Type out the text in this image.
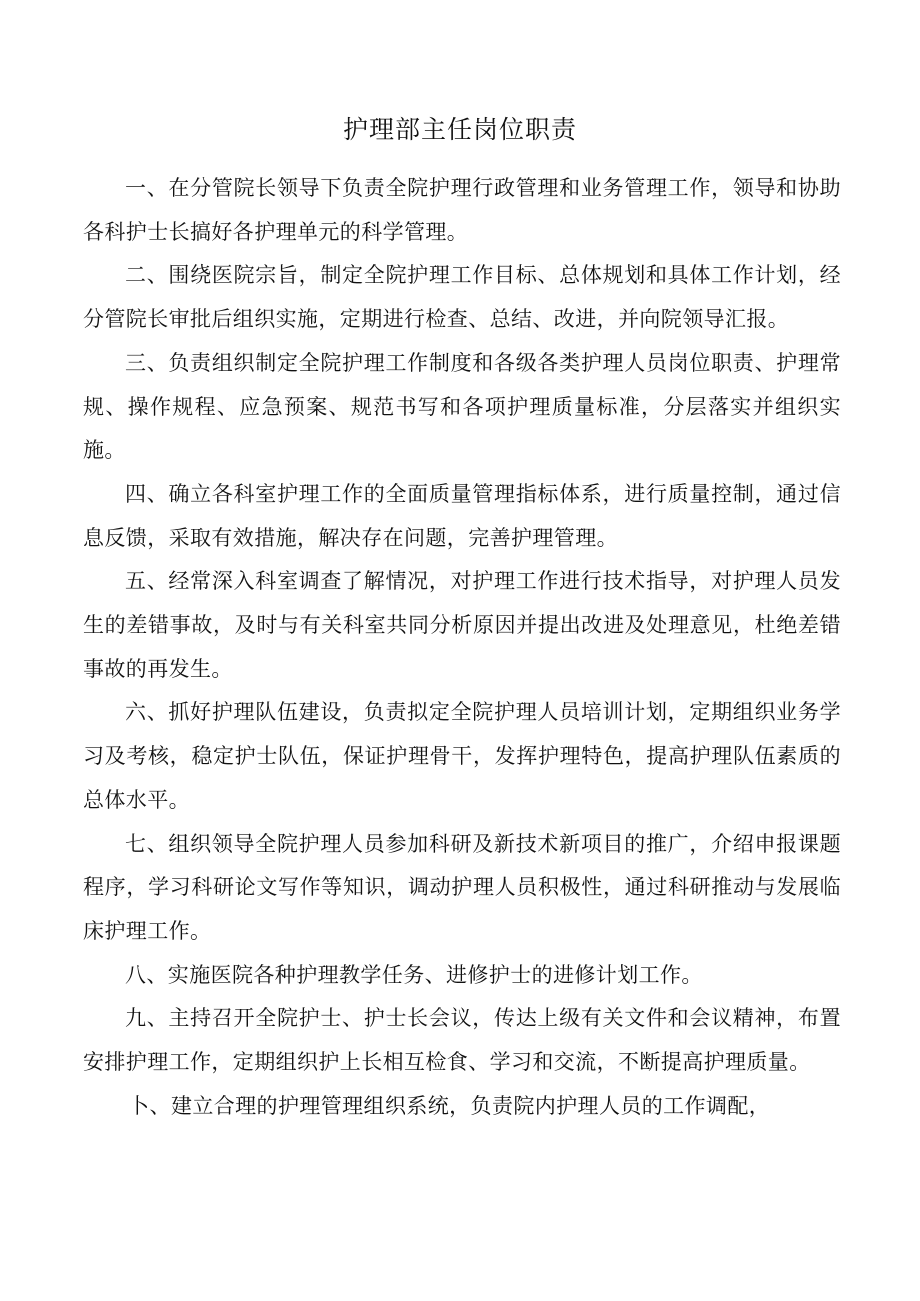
护理部主任岗位职责

一、在分管院长领导下负责全院护理行政管理和业务管理工作，领导和协助各科护士长搞好各护理单元的科学管理。

二、围绕医院宗旨，制定全院护理工作目标、总体规划和具体工作计划，经分管院长审批后组织实施，定期进行检查、总结、改进，并向院领导汇报。

三、负责组织制定全院护理工作制度和各级各类护理人员岗位职责、护理常规、操作规程、应急预案、规范书写和各项护理质量标准，分层落实并组织实施。

四、确立各科室护理工作的全面质量管理指标体系，进行质量控制，通过信息反馈，采取有效措施，解决存在问题，完善护理管理。

五、经常深入科室调查了解情况，对护理工作进行技术指导，对护理人员发生的差错事故，及时与有关科室共同分析原因并提出改进及处理意见，杜绝差错事故的再发生。

六、抓好护理队伍建设，负责拟定全院护理人员培训计划，定期组织业务学习及考核，稳定护士队伍，保证护理骨干，发挥护理特色，提高护理队伍素质的总体水平。

七、组织领导全院护理人员参加科研及新技术新项目的推广，介绍申报课题程序，学习科研论文写作等知识，调动护理人员积极性，通过科研推动与发展临床护理工作。

八、实施医院各种护理教学任务、进修护士的进修计划工作。

九、主持召开全院护士、护士长会议，传达上级有关文件和会议精神，布置安排护理工作，定期组织护上长相互检食、学习和交流，不断提高护理质量。

卜、建立合理的护理管理组织系统，负责院内护理人员的工作调配，
